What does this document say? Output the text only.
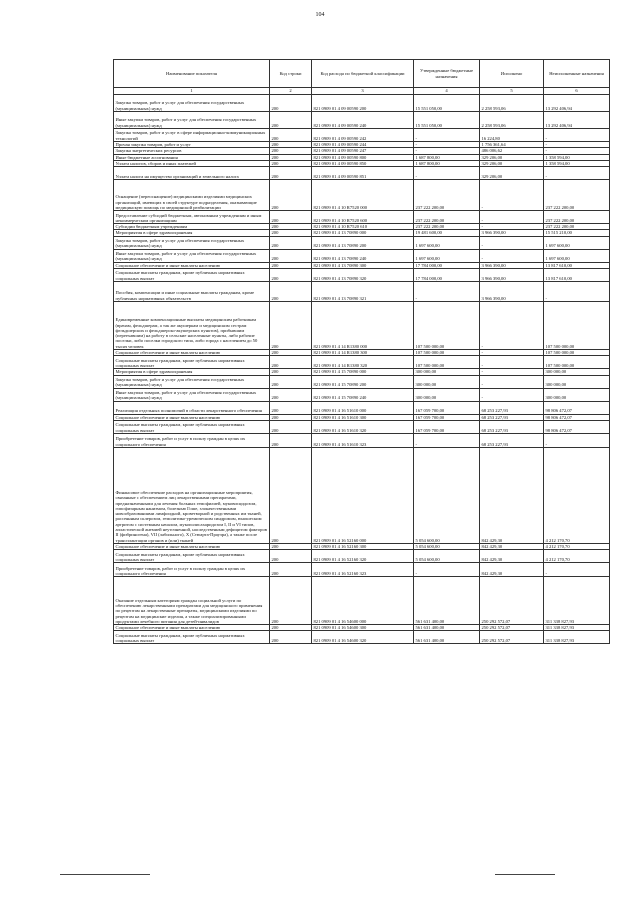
104
Наименование показателя	Код строки	Код расхода по бюджетной классификации	Утвержденные бюджетные назначения	Исполнено	Неисполненные назначения
1	2	3	4	5	6
Закупка товаров, работ и услуг для обеспечения государственных (муниципальных) нужд	200	821 0909 01 4 09 00590 200	15 551 050,00	2 258 593,06	13 292 406,94
Иные закупки товаров, работ и услуг для обеспечения государственных (муниципальных) нужд	200	821 0909 01 4 09 00590 240	15 551 050,00	2 258 593,06	13 292 406,94
Закупка товаров, работ и услуг в сфере информационно-коммуникационных технологий	200	821 0909 01 4 09 00590 242	-	16 224,80	-
Прочая закупка товаров, работ и услуг	200	821 0909 01 4 09 00590 244	-	1 756 361,64	-
Закупка энергетических ресурсов	200	821 0909 01 4 09 00590 247	-	486 006,62	-
Иные бюджетные ассигнования	200	821 0909 01 4 09 00590 800	1 687 800,00	329 206,00	1 358 594,00
Уплата налогов, сборов и иных платежей	200	821 0909 01 4 09 00590 850	1 687 800,00	329 206,00	1 358 594,00
Уплата налога на имущество организаций и земельного налога	200	821 0909 01 4 09 00590 851	-	329 206,00	-
Оснащение (переоснащение) медицинскими изделиями медицинских организаций, имеющих в своей структуре подразделения, оказывающие медицинскую помощь по медицинской реабилитации	200	821 0909 01 4 10 R7520 000	237 222 200,00	-	237 222 200,00
Предоставление субсидий бюджетным, автономным учреждениям и иным некоммерческим организациям	200	821 0909 01 4 10 R7520 600	237 222 200,00	-	237 222 200,00
Субсидии бюджетным учреждениям	200	821 0909 01 4 10 R7520 610	237 222 200,00	-	237 222 200,00
Мероприятия в сфере здравоохранения	200	821 0909 01 4 13 70890 000	19 481 600,00	3 966 390,00	15 515 210,00
Закупка товаров, работ и услуг для обеспечения государственных (муниципальных) нужд	200	821 0909 01 4 13 70890 200	1 697 600,00	-	1 697 600,00
Иные закупки товаров, работ и услуг для обеспечения государственных (муниципальных) нужд	200	821 0909 01 4 13 70890 240	1 697 600,00	-	1 697 600,00
Социальное обеспечение и иные выплаты населению	200	821 0909 01 4 13 70890 300	17 784 000,00	3 966 390,00	13 817 610,00
Социальные выплаты гражданам, кроме публичных нормативных социальных выплат	200	821 0909 01 4 13 70890 320	17 784 000,00	3 966 390,00	13 817 610,00
Пособия, компенсации и иные социальные выплаты гражданам, кроме публичных нормативных обязательств	200	821 0909 01 4 13 70890 321	-	3 966 390,00	-
Единовременные компенсационные выплаты медицинским работникам (врачам, фельдшерам, а так же акушеркам и медицинским сестрам фельдшерских и фельдшерско-акушерских пунктов), прибывшим (переехавшим) на работу в сельские населенные пункты, либо рабочие поселки, либо поселки городского типа, либо города с населением до 50 тысяч человек	200	821 0909 01 4 14 R1380 000	107 500 000,00	-	107 500 000,00
Социальное обеспечение и иные выплаты населению	200	821 0909 01 4 14 R1380 300	107 500 000,00	-	107 500 000,00
Социальные выплаты гражданам, кроме публичных нормативных социальных выплат	200	821 0909 01 4 14 R1380 320	107 500 000,00	-	107 500 000,00
Мероприятия в сфере здравоохранения	200	821 0909 01 4 15 70890 000	300 000,00	-	300 000,00
Закупка товаров, работ и услуг для обеспечения государственных (муниципальных) нужд	200	821 0909 01 4 15 70890 200	300 000,00	-	300 000,00
Иные закупки товаров, работ и услуг для обеспечения государственных (муниципальных) нужд	200	821 0909 01 4 15 70890 240	300 000,00	-	300 000,00
Реализация отдельных полномочий в области лекарственного обеспечения	200	821 0909 01 4 16 51610 000	167 059 700,00	68 253 227,93	98 806 472,07
Социальное обеспечение и иные выплаты населению	200	821 0909 01 4 16 51610 300	167 059 700,00	68 253 227,93	98 806 472,07
Социальные выплаты гражданам, кроме публичных нормативных социальных выплат	200	821 0909 01 4 16 51610 320	167 059 700,00	68 253 227,93	98 806 472,07
Приобретение товаров, работ и услуг в пользу граждан в целях их социального обеспечения	200	821 0909 01 4 16 51610 323	-	68 253 227,93	-
Финансовое обеспечение расходов на организационные мероприятия, связанные с обеспечением лиц лекарственными препаратами, предназначенными для лечения больных гемофилией, муковисцидозом, гипофизарным нанизмом, болезнью Гоше, злокачественными новообразованиями лимфоидной, кроветворной и родственных им тканей, рассеянным склерозом, гемолитико-уремическим синдромом, юношеским артритом с системным началом, мукополисахаридозом I, II и VI типов, апластической анемией неуточненной, наследственным дефицитом факторов II (фибриногена), VII (лабильного), X (Стюарта-Прауэра), а также после трансплантации органов и (или) тканей	200	821 0909 01 4 16 52160 000	5 054 600,00	842 429,30	4 212 170,70
Социальное обеспечение и иные выплаты населению	200	821 0909 01 4 16 52160 300	5 054 600,00	842 429,30	4 212 170,70
Социальные выплаты гражданам, кроме публичных нормативных социальных выплат	200	821 0909 01 4 16 52160 320	5 054 600,00	842 429,30	4 212 170,70
Приобретение товаров, работ и услуг в пользу граждан в целях их социального обеспечения	200	821 0909 01 4 16 52160 323	-	842 429,30	-
Оказание отдельным категориям граждан социальной услуги по обеспечению лекарственными препаратами для медицинского применения по рецептам на лекарственные препараты, медицинскими изделиями по рецептам на медицинские изделия, а также специализированными продуктами лечебного питания для детей-инвалидов	200	821 0909 01 4 16 54600 000	561 631 400,00	250 292 572,07	311 338 827,93
Социальное обеспечение и иные выплаты населению	200	821 0909 01 4 16 54600 300	561 631 400,00	250 292 572,07	311 338 827,93
Социальные выплаты гражданам, кроме публичных нормативных социальных выплат	200	821 0909 01 4 16 54600 320	561 631 400,00	250 292 572,07	311 338 827,93
